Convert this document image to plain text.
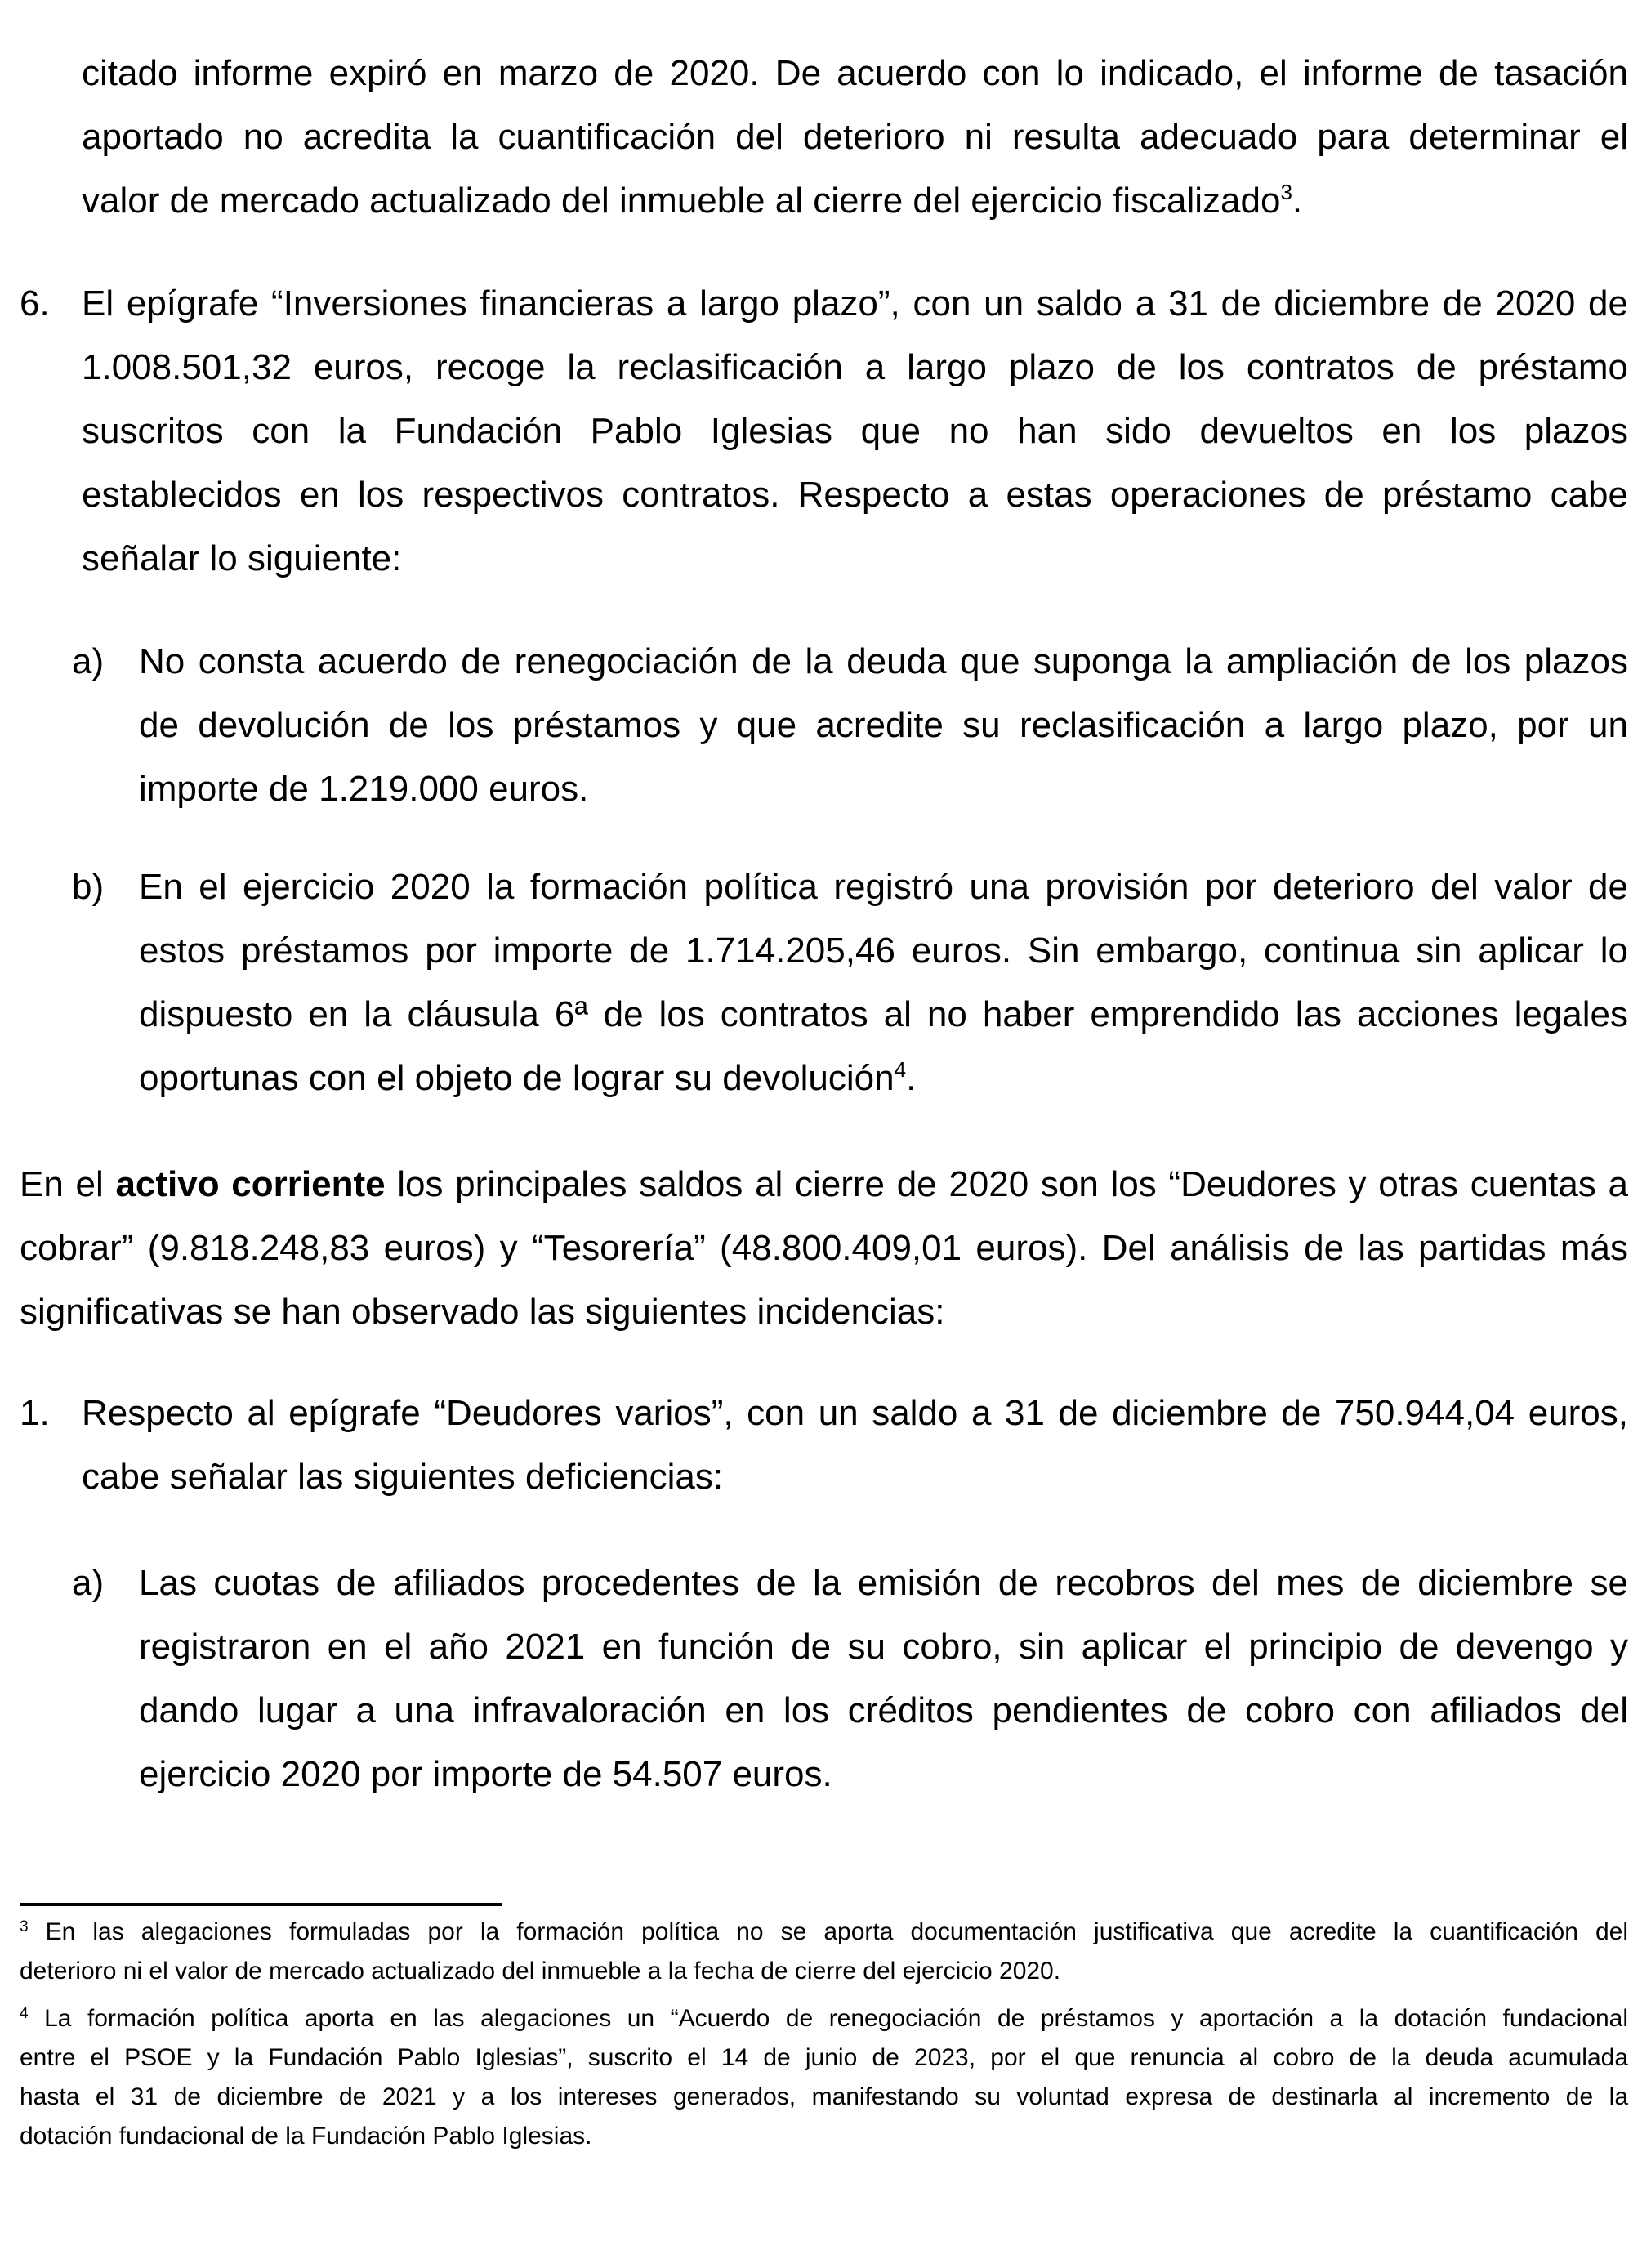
citado informe expiró en marzo de 2020. De acuerdo con lo indicado, el informe de tasación
aportado no acredita la cuantificación del deterioro ni resulta adecuado para determinar el
valor de mercado actualizado del inmueble al cierre del ejercicio fiscalizado$^3$.
6. El epígrafe “Inversiones financieras a largo plazo”, con un saldo a 31 de diciembre de 2020 de
1.008.501,32 euros, recoge la reclasificación a largo plazo de los contratos de préstamo
suscritos con la Fundación Pablo Iglesias que no han sido devueltos en los plazos
establecidos en los respectivos contratos. Respecto a estas operaciones de préstamo cabe
señalar lo siguiente:
a) No consta acuerdo de renegociación de la deuda que suponga la ampliación de los plazos
de devolución de los préstamos y que acredite su reclasificación a largo plazo, por un
importe de 1.219.000 euros.
b) En el ejercicio 2020 la formación política registró una provisión por deterioro del valor de
estos préstamos por importe de 1.714.205,46 euros. Sin embargo, continua sin aplicar lo
dispuesto en la cláusula 6ª de los contratos al no haber emprendido las acciones legales
oportunas con el objeto de lograr su devolución$^4$.
En el activo corriente los principales saldos al cierre de 2020 son los “Deudores y otras cuentas a
cobrar” (9.818.248,83 euros) y “Tesorería” (48.800.409,01 euros). Del análisis de las partidas más
significativas se han observado las siguientes incidencias:
1. Respecto al epígrafe “Deudores varios”, con un saldo a 31 de diciembre de 750.944,04 euros,
cabe señalar las siguientes deficiencias:
a) Las cuotas de afiliados procedentes de la emisión de recobros del mes de diciembre se
registraron en el año 2021 en función de su cobro, sin aplicar el principio de devengo y
dando lugar a una infravaloración en los créditos pendientes de cobro con afiliados del
ejercicio 2020 por importe de 54.507 euros.
$^3$ En las alegaciones formuladas por la formación política no se aporta documentación justificativa que acredite la cuantificación del
deterioro ni el valor de mercado actualizado del inmueble a la fecha de cierre del ejercicio 2020.
$^4$ La formación política aporta en las alegaciones un “Acuerdo de renegociación de préstamos y aportación a la dotación fundacional
entre el PSOE y la Fundación Pablo Iglesias”, suscrito el 14 de junio de 2023, por el que renuncia al cobro de la deuda acumulada
hasta el 31 de diciembre de 2021 y a los intereses generados, manifestando su voluntad expresa de destinarla al incremento de la
dotación fundacional de la Fundación Pablo Iglesias.
